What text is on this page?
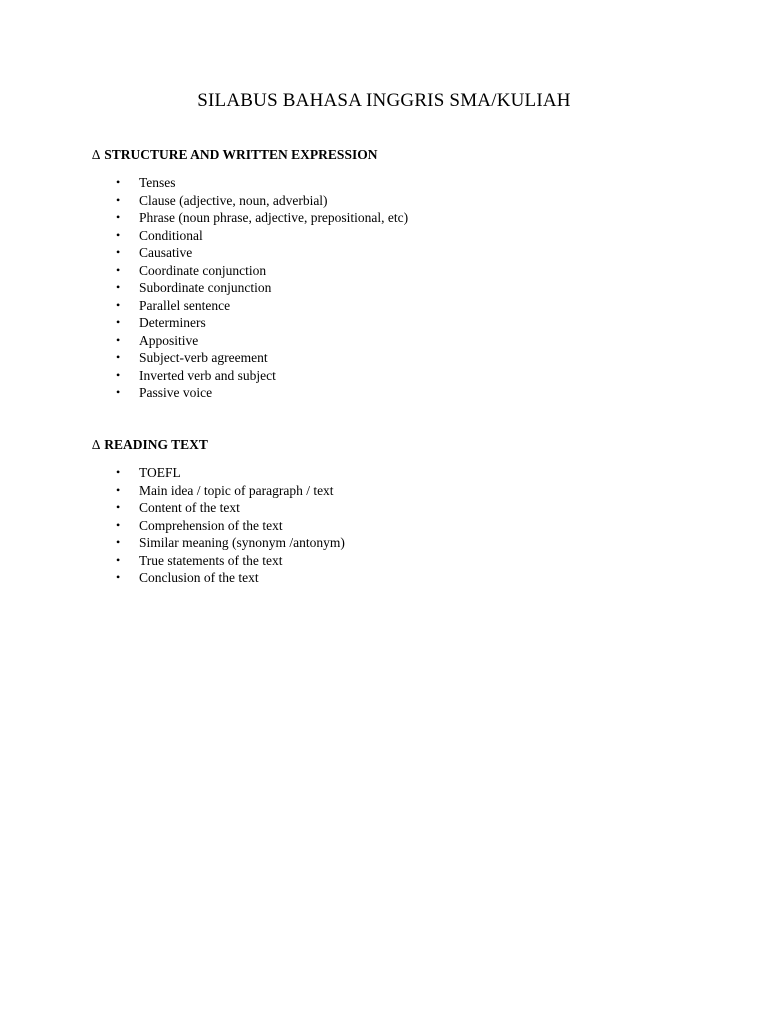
SILABUS BAHASA INGGRIS SMA/KULIAH
∆ STRUCTURE AND WRITTEN EXPRESSION
• Tenses
• Clause (adjective, noun, adverbial)
• Phrase (noun phrase, adjective, prepositional, etc)
• Conditional
• Causative
• Coordinate conjunction
• Subordinate conjunction
• Parallel sentence
• Determiners
• Appositive
• Subject-verb agreement
• Inverted verb and subject
• Passive voice
∆ READING TEXT
• TOEFL
• Main idea / topic of paragraph / text
• Content of the text
• Comprehension of the text
• Similar meaning (synonym /antonym)
• True statements of the text
• Conclusion of the text
